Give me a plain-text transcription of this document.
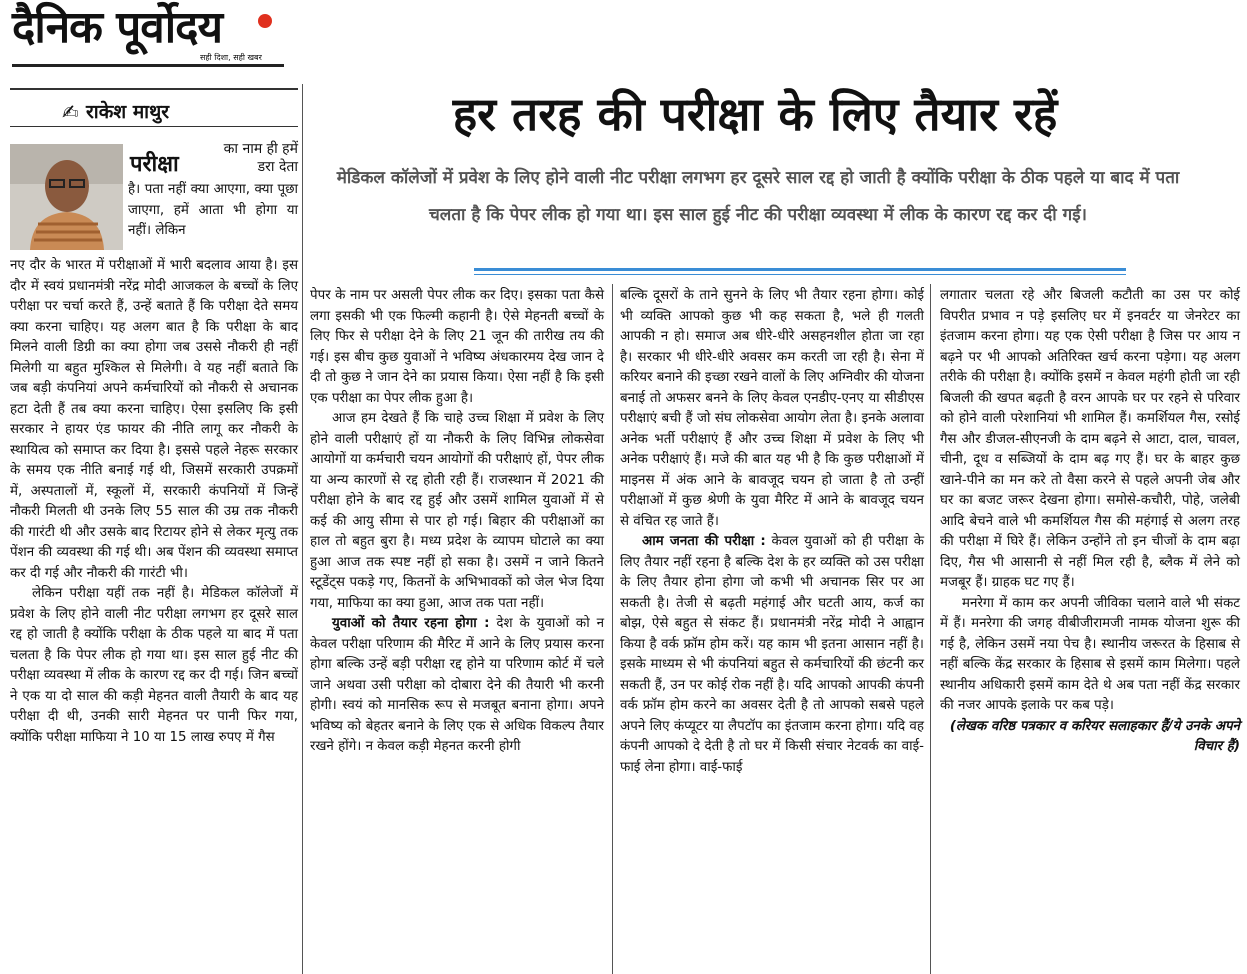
दैनिक पूर्वोदय
सही दिशा, सही खबर
✍ राकेश माथुर
परीक्षा
का नाम ही हमें डरा देता

है। पता नहीं क्या आएगा, क्या पूछा जाएगा, हमें आता भी होगा या नहीं। लेकिन

नए दौर के भारत में परीक्षाओं में भारी बदलाव आया है। इस दौर में स्वयं प्रधानमंत्री नरेंद्र मोदी आजकल के बच्चों के लिए परीक्षा पर चर्चा करते हैं, उन्हें बताते हैं कि परीक्षा देते समय क्या करना चाहिए। यह अलग बात है कि परीक्षा के बाद मिलने वाली डिग्री का क्या होगा जब उससे नौकरी ही नहीं मिलेगी या बहुत मुश्किल से मिलेगी। वे यह नहीं बताते कि जब बड़ी कंपनियां अपने कर्मचारियों को नौकरी से अचानक हटा देती हैं तब क्या करना चाहिए। ऐसा इसलिए कि इसी सरकार ने हायर एंड फायर की नीति लागू कर नौकरी के स्थायित्व को समाप्त कर दिया है। इससे पहले नेहरू सरकार के समय एक नीति बनाई गई थी, जिसमें सरकारी उपक्रमों में, अस्पतालों में, स्कूलों में, सरकारी कंपनियों में जिन्हें नौकरी मिलती थी उनके लिए 55 साल की उम्र तक नौकरी की गारंटी थी और उसके बाद रिटायर होने से लेकर मृत्यु तक पेंशन की व्यवस्था की गई थी। अब पेंशन की व्यवस्था समाप्त कर दी गई और नौकरी की गारंटी भी।

लेकिन परीक्षा यहीं तक नहीं है। मेडिकल कॉलेजों में प्रवेश के लिए होने वाली नीट परीक्षा लगभग हर दूसरे साल रद्द हो जाती है क्योंकि परीक्षा के ठीक पहले या बाद में पता चलता है कि पेपर लीक हो गया था। इस साल हुई नीट की परीक्षा व्यवस्था में लीक के कारण रद्द कर दी गई। जिन बच्चों ने एक या दो साल की कड़ी मेहनत वाली तैयारी के बाद यह परीक्षा दी थी, उनकी सारी मेहनत पर पानी फिर गया, क्योंकि परीक्षा माफिया ने 10 या 15 लाख रुपए में गैस

हर तरह की परीक्षा के लिए तैयार रहें
मेडिकल कॉलेजों में प्रवेश के लिए होने वाली नीट परीक्षा लगभग हर दूसरे साल रद्द हो जाती है क्योंकि परीक्षा के ठीक पहले या बाद में पता चलता है कि पेपर लीक हो गया था। इस साल हुई नीट की परीक्षा व्यवस्था में लीक के कारण रद्द कर दी गई।

पेपर के नाम पर असली पेपर लीक कर दिए। इसका पता कैसे लगा इसकी भी एक फिल्मी कहानी है। ऐसे मेहनती बच्चों के लिए फिर से परीक्षा देने के लिए 21 जून की तारीख तय की गई। इस बीच कुछ युवाओं ने भविष्य अंधकारमय देख जान दे दी तो कुछ ने जान देने का प्रयास किया। ऐसा नहीं है कि इसी एक परीक्षा का पेपर लीक हुआ है।

आज हम देखते हैं कि चाहे उच्च शिक्षा में प्रवेश के लिए होने वाली परीक्षाएं हों या नौकरी के लिए विभिन्न लोकसेवा आयोगों या कर्मचारी चयन आयोगों की परीक्षाएं हों, पेपर लीक या अन्य कारणों से रद्द होती रही हैं। राजस्थान में 2021 की परीक्षा होने के बाद रद्द हुई और उसमें शामिल युवाओं में से कई की आयु सीमा से पार हो गई। बिहार की परीक्षाओं का हाल तो बहुत बुरा है। मध्य प्रदेश के व्यापम घोटाले का क्या हुआ आज तक स्पष्ट नहीं हो सका है। उसमें न जाने कितने स्टूडेंट्स पकड़े गए, कितनों के अभिभावकों को जेल भेज दिया गया, माफिया का क्या हुआ, आज तक पता नहीं।

युवाओं को तैयार रहना होगा : देश के युवाओं को न केवल परीक्षा परिणाम की मैरिट में आने के लिए प्रयास करना होगा बल्कि उन्हें बड़ी परीक्षा रद्द होने या परिणाम कोर्ट में चले जाने अथवा उसी परीक्षा को दोबारा देने की तैयारी भी करनी होगी। स्वयं को मानसिक रूप से मजबूत बनाना होगा। अपने भविष्य को बेहतर बनाने के लिए एक से अधिक विकल्प तैयार रखने होंगे। न केवल कड़ी मेहनत करनी होगी

बल्कि दूसरों के ताने सुनने के लिए भी तैयार रहना होगा। कोई भी व्यक्ति आपको कुछ भी कह सकता है, भले ही गलती आपकी न हो। समाज अब धीरे-धीरे असहनशील होता जा रहा है। सरकार भी धीरे-धीरे अवसर कम करती जा रही है। सेना में करियर बनाने की इच्छा रखने वालों के लिए अग्निवीर की योजना बनाई तो अफसर बनने के लिए केवल एनडीए-एनए या सीडीएस परीक्षाएं बची हैं जो संघ लोकसेवा आयोग लेता है। इनके अलावा अनेक भर्ती परीक्षाएं हैं और उच्च शिक्षा में प्रवेश के लिए भी अनेक परीक्षाएं हैं। मजे की बात यह भी है कि कुछ परीक्षाओं में माइनस में अंक आने के बावजूद चयन हो जाता है तो उन्हीं परीक्षाओं में कुछ श्रेणी के युवा मैरिट में आने के बावजूद चयन से वंचित रह जाते हैं।

आम जनता की परीक्षा : केवल युवाओं को ही परीक्षा के लिए तैयार नहीं रहना है बल्कि देश के हर व्यक्ति को उस परीक्षा के लिए तैयार होना होगा जो कभी भी अचानक सिर पर आ सकती है। तेजी से बढ़ती महंगाई और घटती आय, कर्ज का बोझ, ऐसे बहुत से संकट हैं। प्रधानमंत्री नरेंद्र मोदी ने आह्वान किया है वर्क फ्रॉम होम करें। यह काम भी इतना आसान नहीं है। इसके माध्यम से भी कंपनियां बहुत से कर्मचारियों की छंटनी कर सकती हैं, उन पर कोई रोक नहीं है। यदि आपको आपकी कंपनी वर्क फ्रॉम होम करने का अवसर देती है तो आपको सबसे पहले अपने लिए कंप्यूटर या लैपटॉप का इंतजाम करना होगा। यदि वह कंपनी आपको दे देती है तो घर में किसी संचार नेटवर्क का वाई-फाई लेना होगा। वाई-फाई

लगातार चलता रहे और बिजली कटौती का उस पर कोई विपरीत प्रभाव न पड़े इसलिए घर में इनवर्टर या जेनरेटर का इंतजाम करना होगा। यह एक ऐसी परीक्षा है जिस पर आय न बढ़ने पर भी आपको अतिरिक्त खर्च करना पड़ेगा। यह अलग तरीके की परीक्षा है। क्योंकि इसमें न केवल महंगी होती जा रही बिजली की खपत बढ़ती है वरन आपके घर पर रहने से परिवार को होने वाली परेशानियां भी शामिल हैं। कमर्शियल गैस, रसोई गैस और डीजल-सीएनजी के दाम बढ़ने से आटा, दाल, चावल, चीनी, दूध व सब्जियों के दाम बढ़ गए हैं। घर के बाहर कुछ खाने-पीने का मन करे तो वैसा करने से पहले अपनी जेब और घर का बजट जरूर देखना होगा। समोसे-कचौरी, पोहे, जलेबी आदि बेचने वाले भी कमर्शियल गैस की महंगाई से अलग तरह की परीक्षा में घिरे हैं। लेकिन उन्होंने तो इन चीजों के दाम बढ़ा दिए, गैस भी आसानी से नहीं मिल रही है, ब्लैक में लेने को मजबूर हैं। ग्राहक घट गए हैं।

मनरेगा में काम कर अपनी जीविका चलाने वाले भी संकट में हैं। मनरेगा की जगह वीबीजीरामजी नामक योजना शुरू की गई है, लेकिन उसमें नया पेच है। स्थानीय जरूरत के हिसाब से नहीं बल्कि केंद्र सरकार के हिसाब से इसमें काम मिलेगा। पहले स्थानीय अधिकारी इसमें काम देते थे अब पता नहीं केंद्र सरकार की नजर आपके इलाके पर कब पड़े।

(लेखक वरिष्ठ पत्रकार व करियर सलाहकार हैं/ये उनके अपने विचार हैं)
